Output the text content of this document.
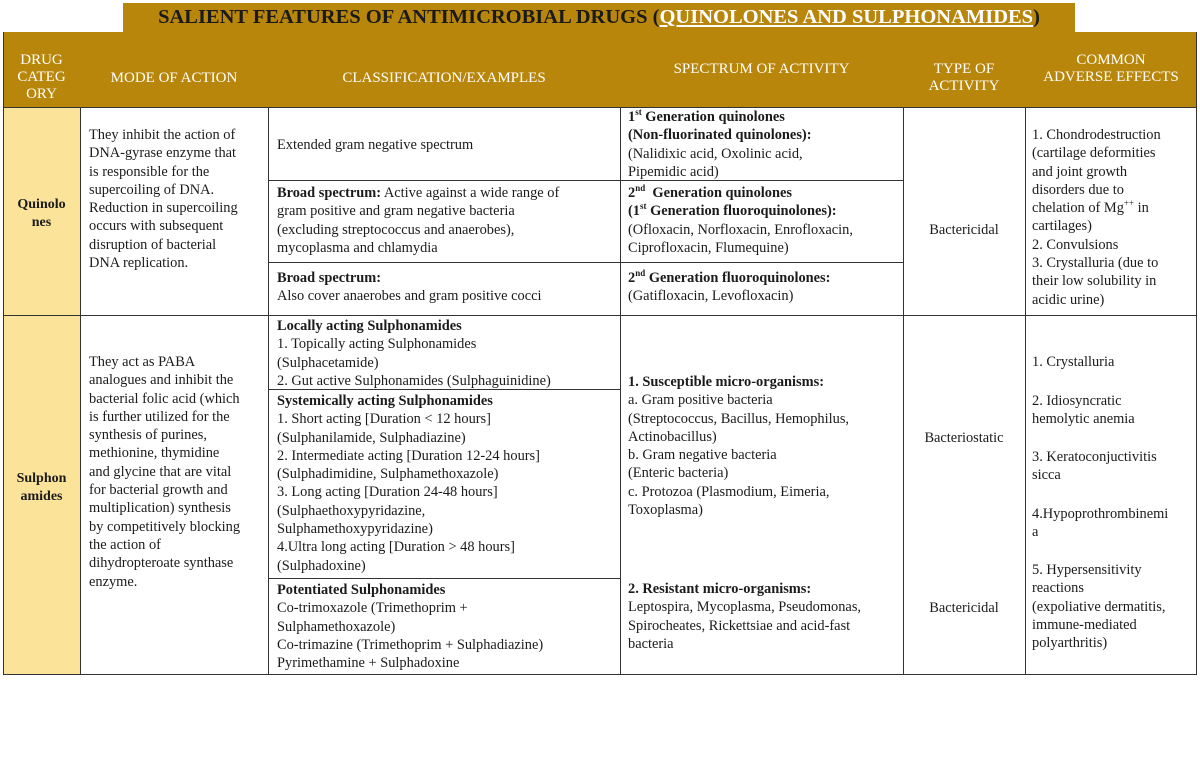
SALIENT FEATURES OF ANTIMICROBIAL DRUGS (QUINOLONES AND SULPHONAMIDES)
DRUG
CATEG
ORY
MODE OF ACTION	CLASSIFICATION/EXAMPLES
SPECTRUM OF ACTIVITY	TYPE OF
ACTIVITY
COMMON
ADVERSE EFFECTS
Quinolo
nes
Sulphon
amides
They inhibit the action of
DNA-gyrase enzyme that
is responsible for the
supercoiling of DNA.
Reduction in supercoiling
occurs with subsequent
disruption of bacterial
DNA replication.
Extended gram negative spectrum
Broad spectrum: Active against a wide range of
gram positive and gram negative bacteria
(excluding streptococcus and anaerobes),
mycoplasma and chlamydia
Broad spectrum:
Also cover anaerobes and gram positive cocci
1st Generation quinolones
(Non-fluorinated quinolones):
(Nalidixic acid, Oxolinic acid,
Pipemidic acid)
2nd  Generation quinolones
(1st Generation fluoroquinolones):
(Ofloxacin, Norfloxacin, Enrofloxacin,
Ciprofloxacin, Flumequine)
2nd Generation fluoroquinolones:
(Gatifloxacin, Levofloxacin)
Bactericidal
1. Chondrodestruction
(cartilage deformities
and joint growth
disorders due to
chelation of Mg++ in
cartilages)
2. Convulsions
3. Crystalluria (due to
their low solubility in
acidic urine)
They act as PABA
analogues and inhibit the
bacterial folic acid (which
is further utilized for the
synthesis of purines,
methionine, thymidine
and glycine that are vital
for bacterial growth and
multiplication) synthesis
by competitively blocking
the action of
dihydropteroate synthase
enzyme.
Locally acting Sulphonamides
1. Topically acting Sulphonamides
(Sulphacetamide)
2. Gut active Sulphonamides (Sulphaguinidine)
Systemically acting Sulphonamides
1. Short acting [Duration < 12 hours]
(Sulphanilamide, Sulphadiazine)
2. Intermediate acting [Duration 12-24 hours]
(Sulphadimidine, Sulphamethoxazole)
3. Long acting [Duration 24-48 hours]
(Sulphaethoxypyridazine,
Sulphamethoxypyridazine)
4.Ultra long acting [Duration > 48 hours]
(Sulphadoxine)
Potentiated Sulphonamides
Co-trimoxazole (Trimethoprim +
Sulphamethoxazole)
Co-trimazine (Trimethoprim + Sulphadiazine)
Pyrimethamine + Sulphadoxine
1. Susceptible micro-organisms:
a. Gram positive bacteria
(Streptococcus, Bacillus, Hemophilus,
Actinobacillus)
b. Gram negative bacteria
(Enteric bacteria)
c. Protozoa (Plasmodium, Eimeria,
Toxoplasma)
2. Resistant micro-organisms:
Leptospira, Mycoplasma, Pseudomonas,
Spirocheates, Rickettsiae and acid-fast
bacteria
Bacteriostatic
Bactericidal
1. Crystalluria
2. Idiosyncratic
hemolytic anemia
3. Keratoconjuctivitis
sicca
4.Hypoprothrombinemi
a
5. Hypersensitivity
reactions
(expoliative dermatitis,
immune-mediated
polyarthritis)
